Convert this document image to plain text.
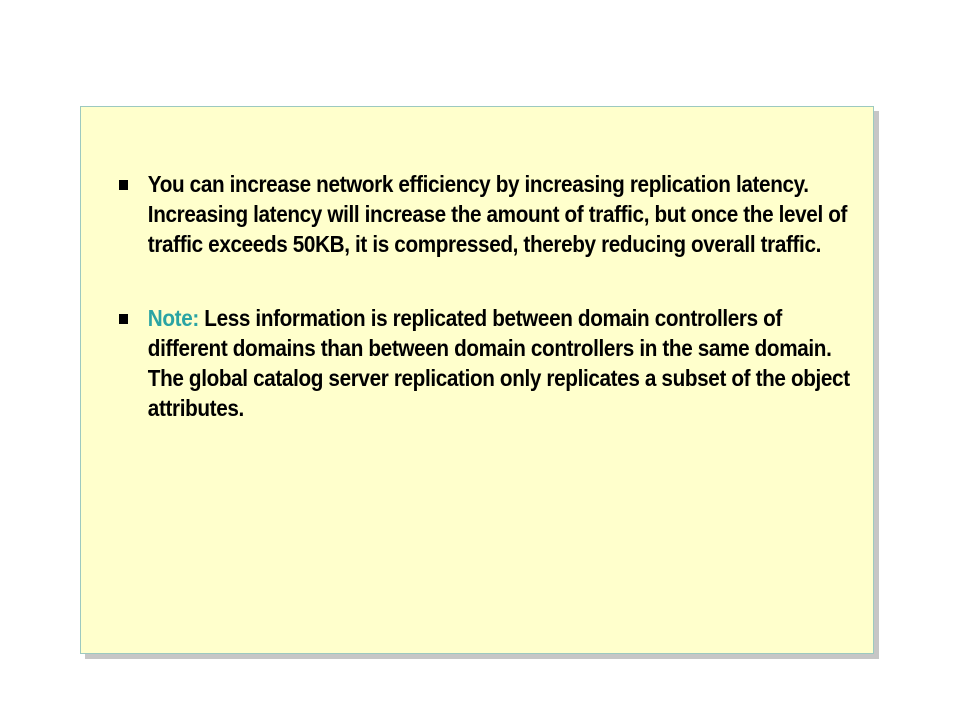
You can increase network efficiency by increasing replication latency. Increasing latency will increase the amount of traffic, but once the level of traffic exceeds 50KB, it is compressed, thereby reducing overall traffic.
Note: Less information is replicated between domain controllers of different domains than between domain controllers in the same domain. The global catalog server replication only replicates a subset of the object attributes.
